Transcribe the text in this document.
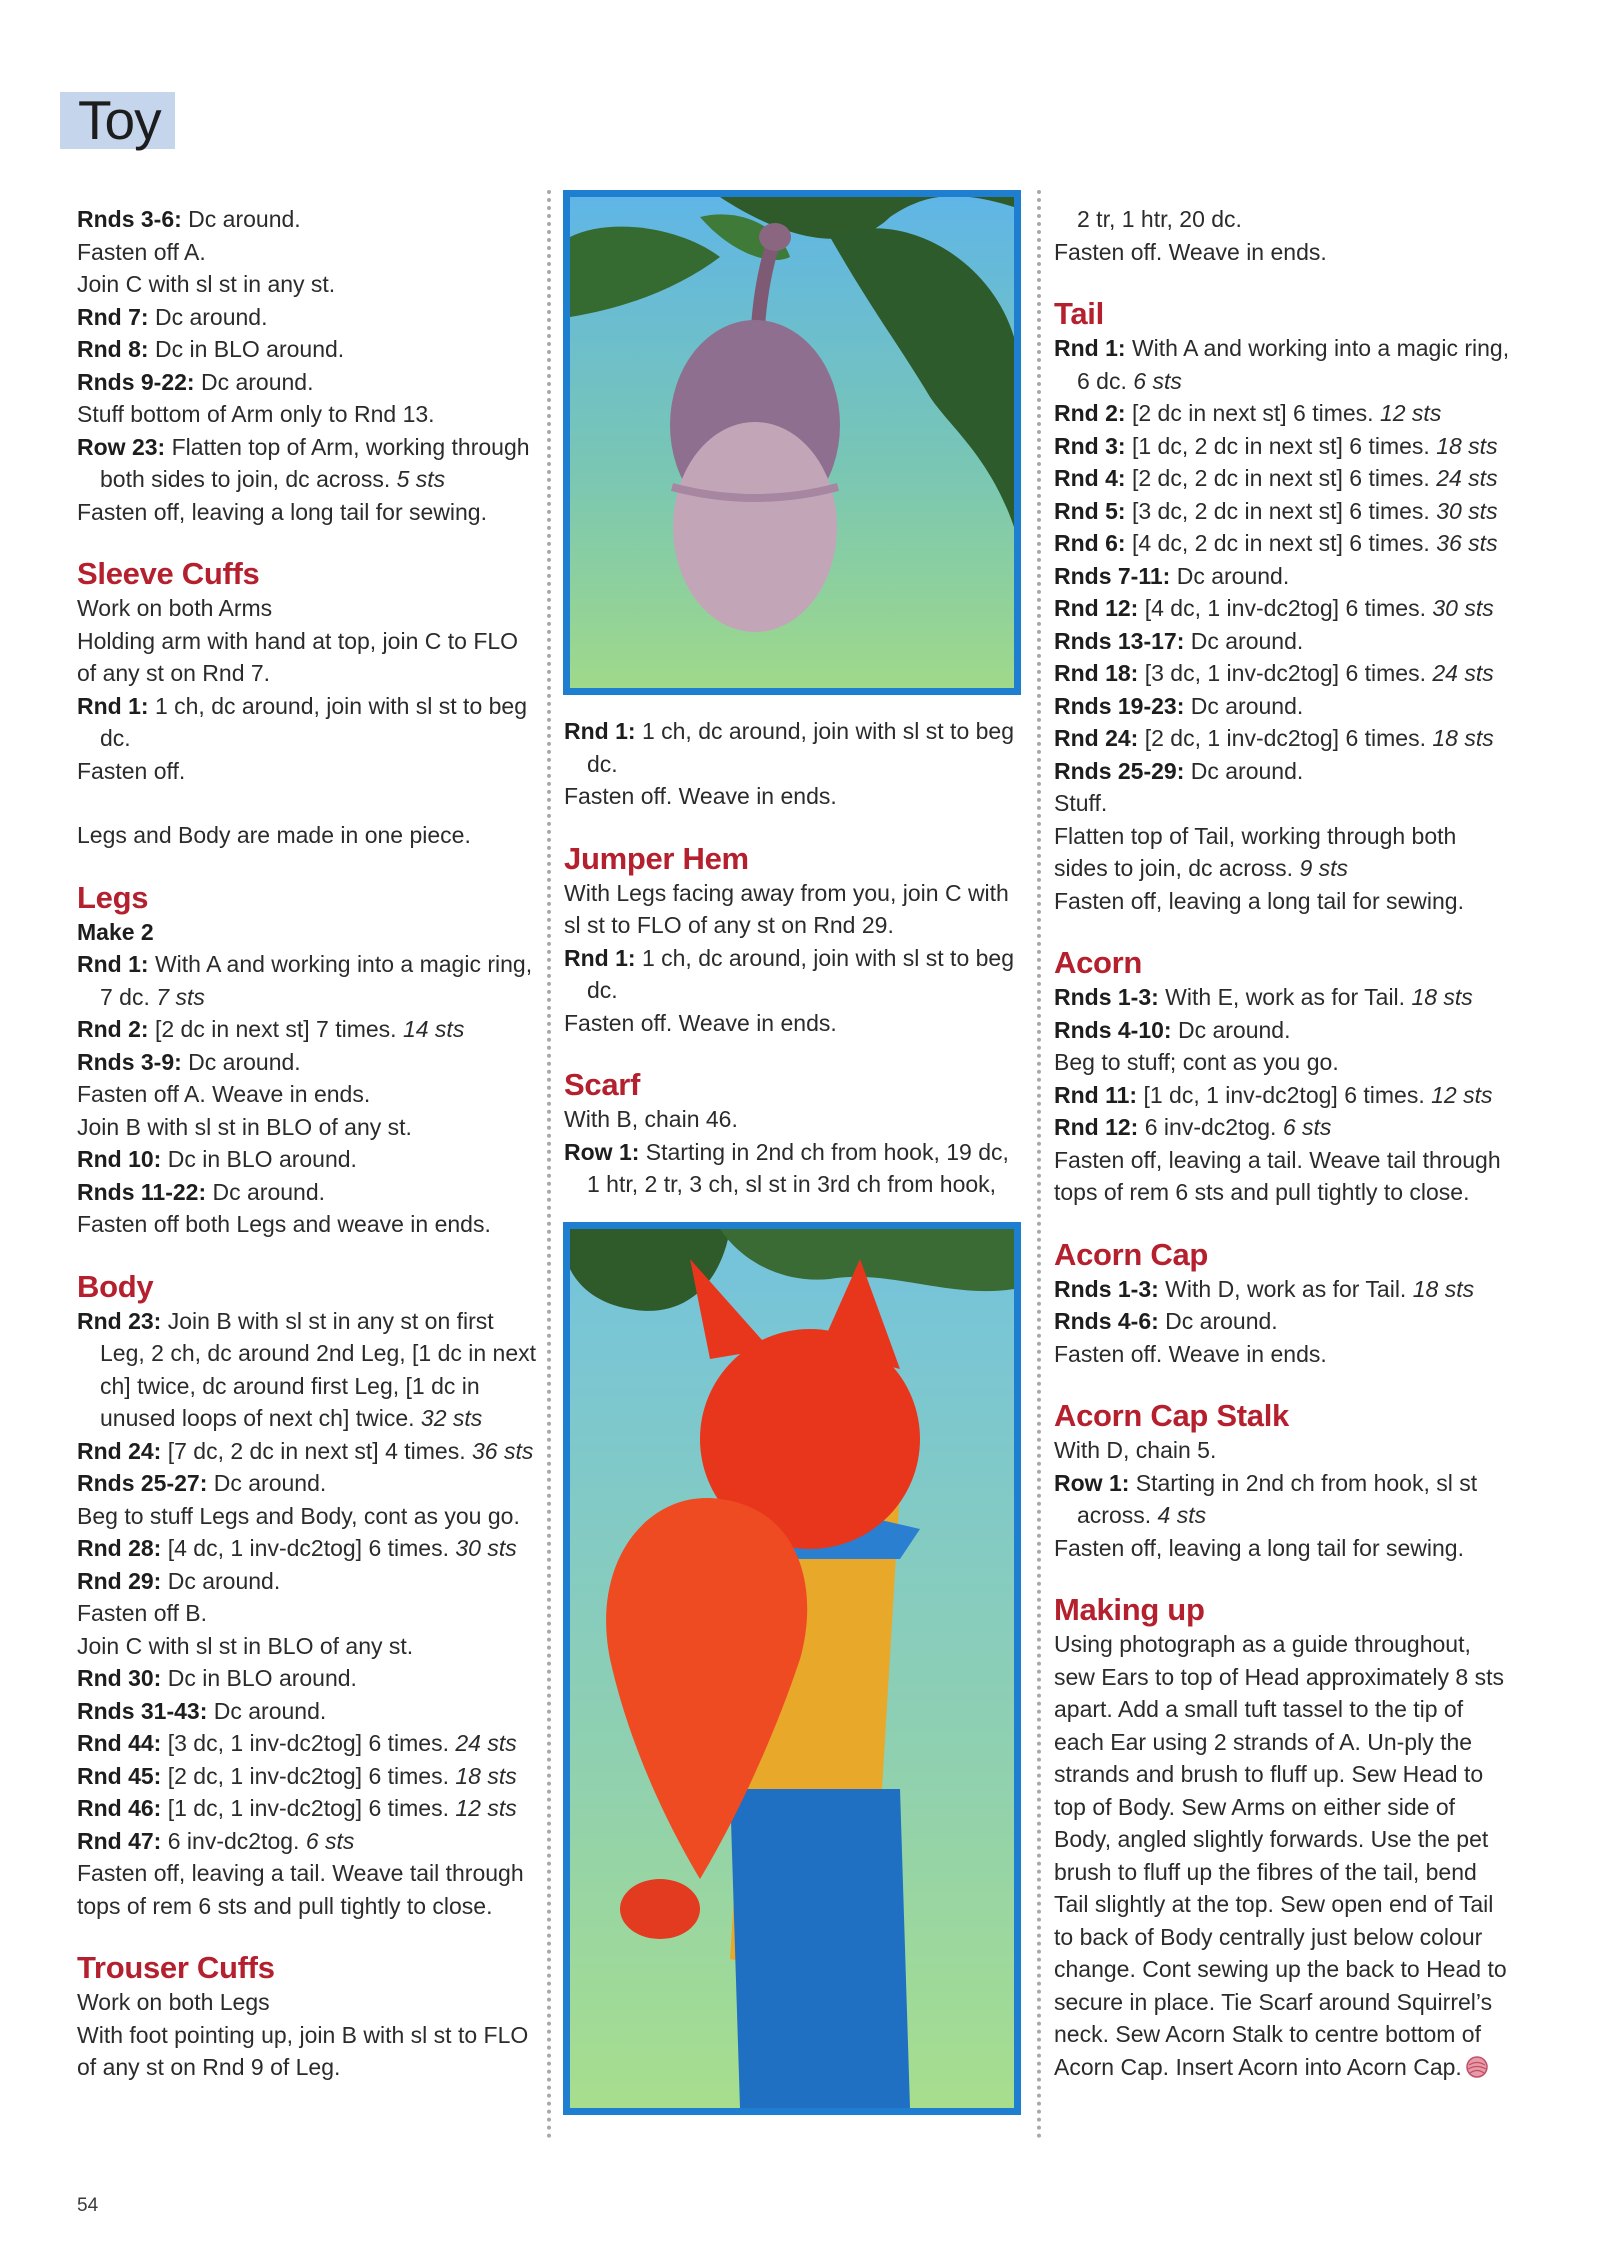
Toy

Rnds 3-6: Dc around.

Fasten off A.

Join C with sl st in any st.

Rnd 7: Dc around.

Rnd 8: Dc in BLO around.

Rnds 9-22: Dc around.

Stuff bottom of Arm only to Rnd 13.

Row 23: Flatten top of Arm, working through both sides to join, dc across. 5 sts

Fasten off, leaving a long tail for sewing.

Sleeve Cuffs

Work on both Arms

Holding arm with hand at top, join C to FLO of any st on Rnd 7.

Rnd 1: 1 ch, dc around, join with sl st to beg dc.

Fasten off.

Legs and Body are made in one piece.

Legs

Make 2

Rnd 1: With A and working into a magic ring, 7 dc. 7 sts

Rnd 2: [2 dc in next st] 7 times. 14 sts

Rnds 3-9: Dc around.

Fasten off A. Weave in ends.

Join B with sl st in BLO of any st.

Rnd 10: Dc in BLO around.

Rnds 11-22: Dc around.

Fasten off both Legs and weave in ends.

Body

Rnd 23: Join B with sl st in any st on first Leg, 2 ch, dc around 2nd Leg, [1 dc in next ch] twice, dc around first Leg, [1 dc in unused loops of next ch] twice. 32 sts

Rnd 24: [7 dc, 2 dc in next st] 4 times. 36 sts

Rnds 25-27: Dc around.

Beg to stuff Legs and Body, cont as you go.

Rnd 28: [4 dc, 1 inv-dc2tog] 6 times. 30 sts

Rnd 29: Dc around.

Fasten off B.

Join C with sl st in BLO of any st.

Rnd 30: Dc in BLO around.

Rnds 31-43: Dc around.

Rnd 44: [3 dc, 1 inv-dc2tog] 6 times. 24 sts

Rnd 45: [2 dc, 1 inv-dc2tog] 6 times. 18 sts

Rnd 46: [1 dc, 1 inv-dc2tog] 6 times. 12 sts

Rnd 47: 6 inv-dc2tog. 6 sts

Fasten off, leaving a tail. Weave tail through tops of rem 6 sts and pull tightly to close.

Trouser Cuffs

Work on both Legs

With foot pointing up, join B with sl st to FLO of any st on Rnd 9 of Leg.

Rnd 1: 1 ch, dc around, join with sl st to beg dc.

Fasten off. Weave in ends.

Jumper Hem

With Legs facing away from you, join C with sl st to FLO of any st on Rnd 29.

Rnd 1: 1 ch, dc around, join with sl st to beg dc.

Fasten off. Weave in ends.

Scarf

With B, chain 46.

Row 1: Starting in 2nd ch from hook, 19 dc, 1 htr, 2 tr, 3 ch, sl st in 3rd ch from hook,

2 tr, 1 htr, 20 dc.

Fasten off. Weave in ends.

Tail

Rnd 1: With A and working into a magic ring, 6 dc. 6 sts

Rnd 2: [2 dc in next st] 6 times. 12 sts

Rnd 3: [1 dc, 2 dc in next st] 6 times. 18 sts

Rnd 4: [2 dc, 2 dc in next st] 6 times. 24 sts

Rnd 5: [3 dc, 2 dc in next st] 6 times. 30 sts

Rnd 6: [4 dc, 2 dc in next st] 6 times. 36 sts

Rnds 7-11: Dc around.

Rnd 12: [4 dc, 1 inv-dc2tog] 6 times. 30 sts

Rnds 13-17: Dc around.

Rnd 18: [3 dc, 1 inv-dc2tog] 6 times. 24 sts

Rnds 19-23: Dc around.

Rnd 24: [2 dc, 1 inv-dc2tog] 6 times. 18 sts

Rnds 25-29: Dc around.

Stuff.

Flatten top of Tail, working through both sides to join, dc across. 9 sts

Fasten off, leaving a long tail for sewing.

Acorn

Rnds 1-3: With E, work as for Tail. 18 sts

Rnds 4-10: Dc around.

Beg to stuff; cont as you go.

Rnd 11: [1 dc, 1 inv-dc2tog] 6 times. 12 sts

Rnd 12: 6 inv-dc2tog. 6 sts

Fasten off, leaving a tail. Weave tail through tops of rem 6 sts and pull tightly to close.

Acorn Cap

Rnds 1-3: With D, work as for Tail. 18 sts

Rnds 4-6: Dc around.

Fasten off. Weave in ends.

Acorn Cap Stalk

With D, chain 5.

Row 1: Starting in 2nd ch from hook, sl st across. 4 sts

Fasten off, leaving a long tail for sewing.

Making up

Using photograph as a guide throughout, sew Ears to top of Head approximately 8 sts apart. Add a small tuft tassel to the tip of each Ear using 2 strands of A. Un-ply the strands and brush to fluff up. Sew Head to top of Body. Sew Arms on either side of Body, angled slightly forwards. Use the pet brush to fluff up the fibres of the tail, bend Tail slightly at the top. Sew open end of Tail to back of Body centrally just below colour change. Cont sewing up the back to Head to secure in place. Tie Scarf around Squirrel’s neck. Sew Acorn Stalk to centre bottom of Acorn Cap. Insert Acorn into Acorn Cap.

54
